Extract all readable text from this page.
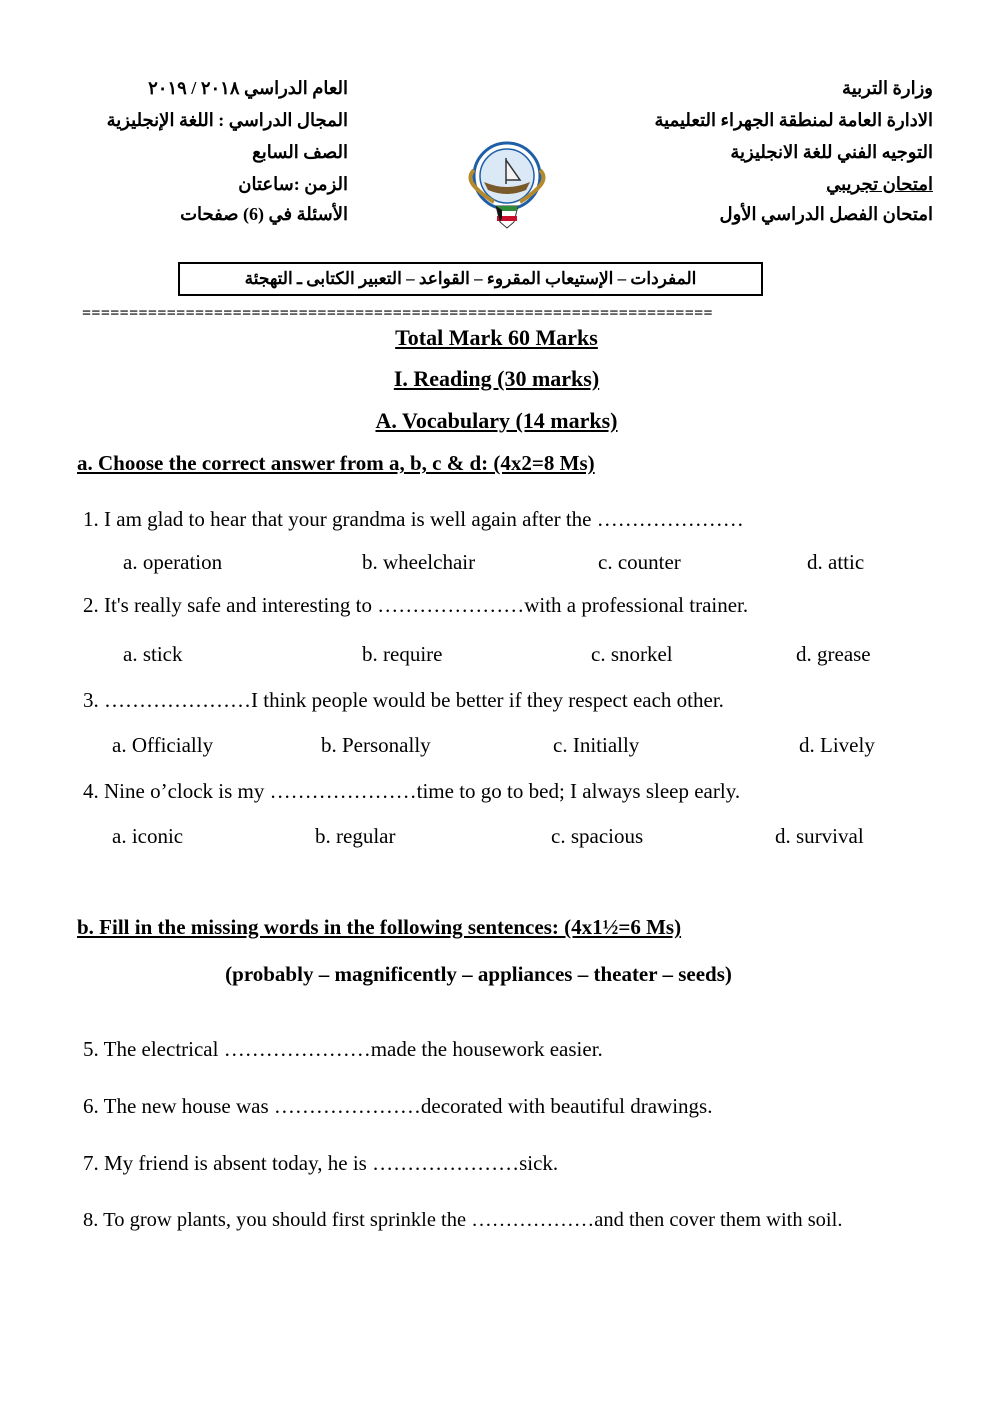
وزارة التربية
الادارة العامة لمنطقة الجهراء التعليمية
التوجيه الفني للغة الانجليزية
امتحان تجريبي
امتحان الفصل الدراسي الأول
العام الدراسي ٢٠١٨ / ٢٠١٩
المجال الدراسي : اللغة الإنجليزية
الصف السابع
الزمن :ساعتان
الأسئلة في (6) صفحات
المفردات – الإستيعاب المقروء – القواعد – التعبير الكتابى ـ التهجئة
===================================================================
Total Mark 60 Marks
I. Reading (30 marks)
A. Vocabulary (14 marks)
a. Choose the correct answer from a, b, c & d: (4x2=8 Ms)
1. I am glad to hear that your grandma is well again after the …………………
a. operation	b. wheelchair	c. counter	d. attic
2. It's really safe and interesting to …………………with a professional trainer.
a. stick	b. require	c. snorkel	d. grease
3. …………………I think people would be better if they respect each other.
a. Officially	b. Personally	c. Initially	d. Lively
4. Nine o’clock is my …………………time to go to bed; I always sleep early.
a. iconic	b. regular	c. spacious	d. survival
b. Fill in the missing words in the following sentences: (4x1½=6 Ms)
(probably – magnificently – appliances – theater – seeds)
5. The electrical …………………made the housework easier.
6. The new house was …………………decorated with beautiful drawings.
7. My friend is absent today, he is …………………sick.
8. To grow plants, you should first sprinkle the ………………and then cover them with soil.
